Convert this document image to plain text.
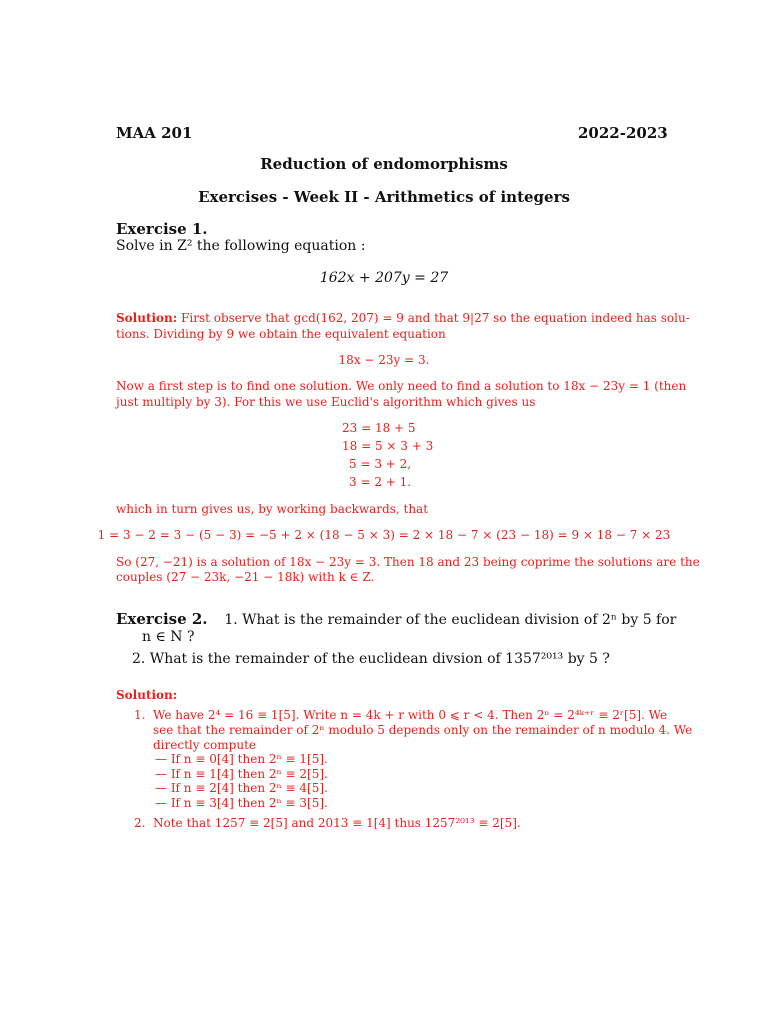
MAA 201	2022-2023
Reduction of endomorphisms
Exercises - Week II - Arithmetics of integers
Exercise 1.
Solve in Z² the following equation :
162x + 207y = 27
Solution: First observe that gcd(162, 207) = 9 and that 9|27 so the equation indeed has solu-
tions. Dividing by 9 we obtain the equivalent equation
18x − 23y = 3.
Now a first step is to find one solution. We only need to find a solution to 18x − 23y = 1 (then
just multiply by 3). For this we use Euclid's algorithm which gives us
23 = 18 + 5
18 = 5 × 3 + 3
5 = 3 + 2,
3 = 2 + 1.
which in turn gives us, by working backwards, that
1 = 3 − 2 = 3 − (5 − 3) = −5 + 2 × (18 − 5 × 3) = 2 × 18 − 7 × (23 − 18) = 9 × 18 − 7 × 23
So (27, −21) is a solution of 18x − 23y = 3. Then 18 and 23 being coprime the solutions are the
couples (27 − 23k, −21 − 18k) with k ∈ Z.
Exercise 2. 1. What is the remainder of the euclidean division of 2ⁿ by 5 for
n ∈ N ?
2. What is the remainder of the euclidean divsion of 1357²⁰¹³ by 5 ?
Solution:
1. We have 2⁴ = 16 ≡ 1[5]. Write n = 4k + r with 0 ⩽ r < 4. Then 2ⁿ = 2⁴ᵏ⁺ʳ ≡ 2ʳ[5]. We
see that the remainder of 2ⁿ modulo 5 depends only on the remainder of n modulo 4. We
directly compute
— If n ≡ 0[4] then 2ⁿ ≡ 1[5].
— If n ≡ 1[4] then 2ⁿ ≡ 2[5].
— If n ≡ 2[4] then 2ⁿ ≡ 4[5].
— If n ≡ 3[4] then 2ⁿ ≡ 3[5].
2. Note that 1257 ≡ 2[5] and 2013 ≡ 1[4] thus 1257²⁰¹³ ≡ 2[5].
